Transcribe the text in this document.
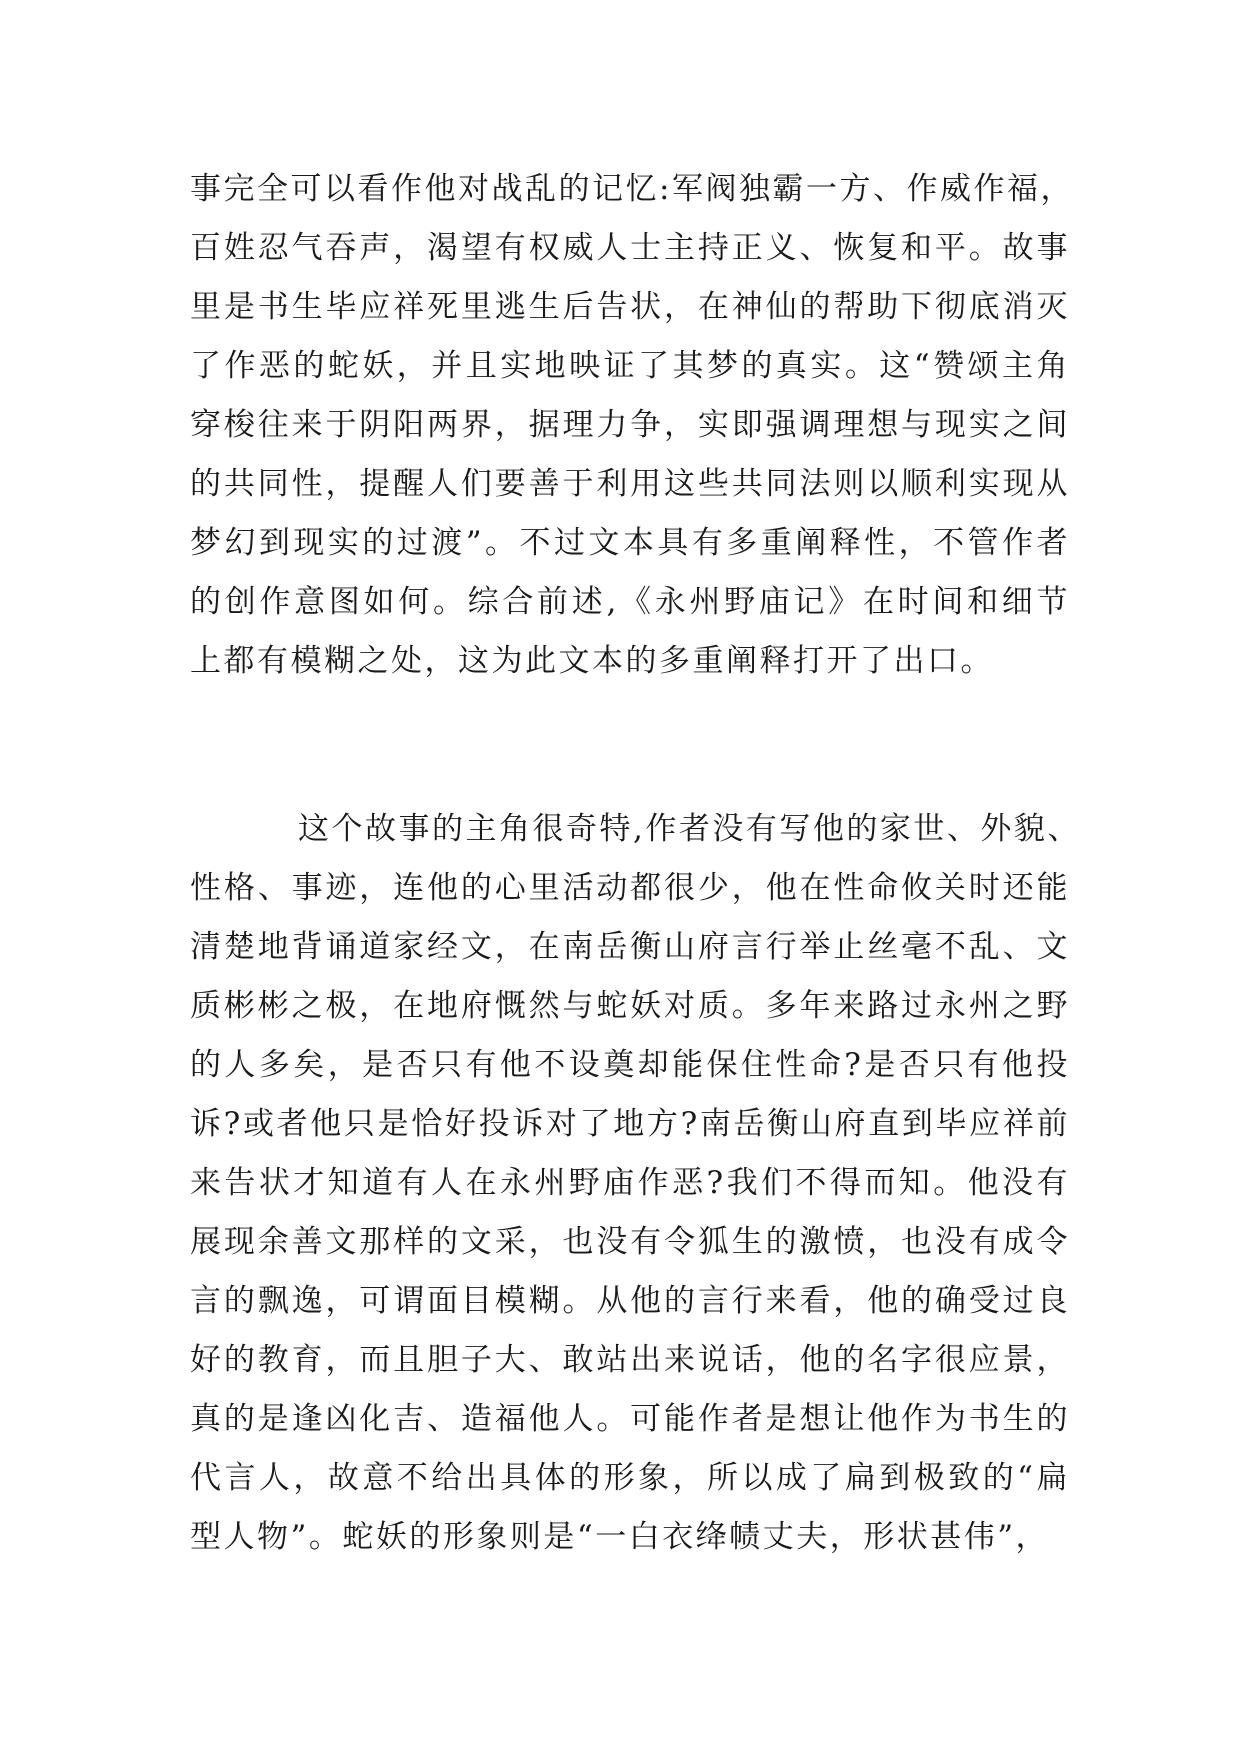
事完全可以看作他对战乱的记忆:军阀独霸一方、作威作福，
百姓忍气吞声，渴望有权威人士主持正义、恢复和平。故事
里是书生毕应祥死里逃生后告状，在神仙的帮助下彻底消灭
了作恶的蛇妖，并且实地映证了其梦的真实。这“赞颂主角
穿梭往来于阴阳两界，据理力争，实即强调理想与现实之间
的共同性，提醒人们要善于利用这些共同法则以顺利实现从
梦幻到现实的过渡”。不过文本具有多重阐释性，不管作者
的创作意图如何。综合前述,《永州野庙记》在时间和细节
上都有模糊之处，这为此文本的多重阐释打开了出口。
这个故事的主角很奇特,作者没有写他的家世、外貌、
性格、事迹，连他的心里活动都很少，他在性命攸关时还能
清楚地背诵道家经文，在南岳衡山府言行举止丝毫不乱、文
质彬彬之极，在地府慨然与蛇妖对质。多年来路过永州之野
的人多矣，是否只有他不设奠却能保住性命?是否只有他投
诉?或者他只是恰好投诉对了地方?南岳衡山府直到毕应祥前
来告状才知道有人在永州野庙作恶?我们不得而知。他没有
展现余善文那样的文采，也没有令狐生的激愤，也没有成令
言的飘逸，可谓面目模糊。从他的言行来看，他的确受过良
好的教育，而且胆子大、敢站出来说话，他的名字很应景，
真的是逢凶化吉、造福他人。可能作者是想让他作为书生的
代言人，故意不给出具体的形象，所以成了扁到极致的“扁
型人物”。蛇妖的形象则是“一白衣绛帻丈夫，形状甚伟”，
